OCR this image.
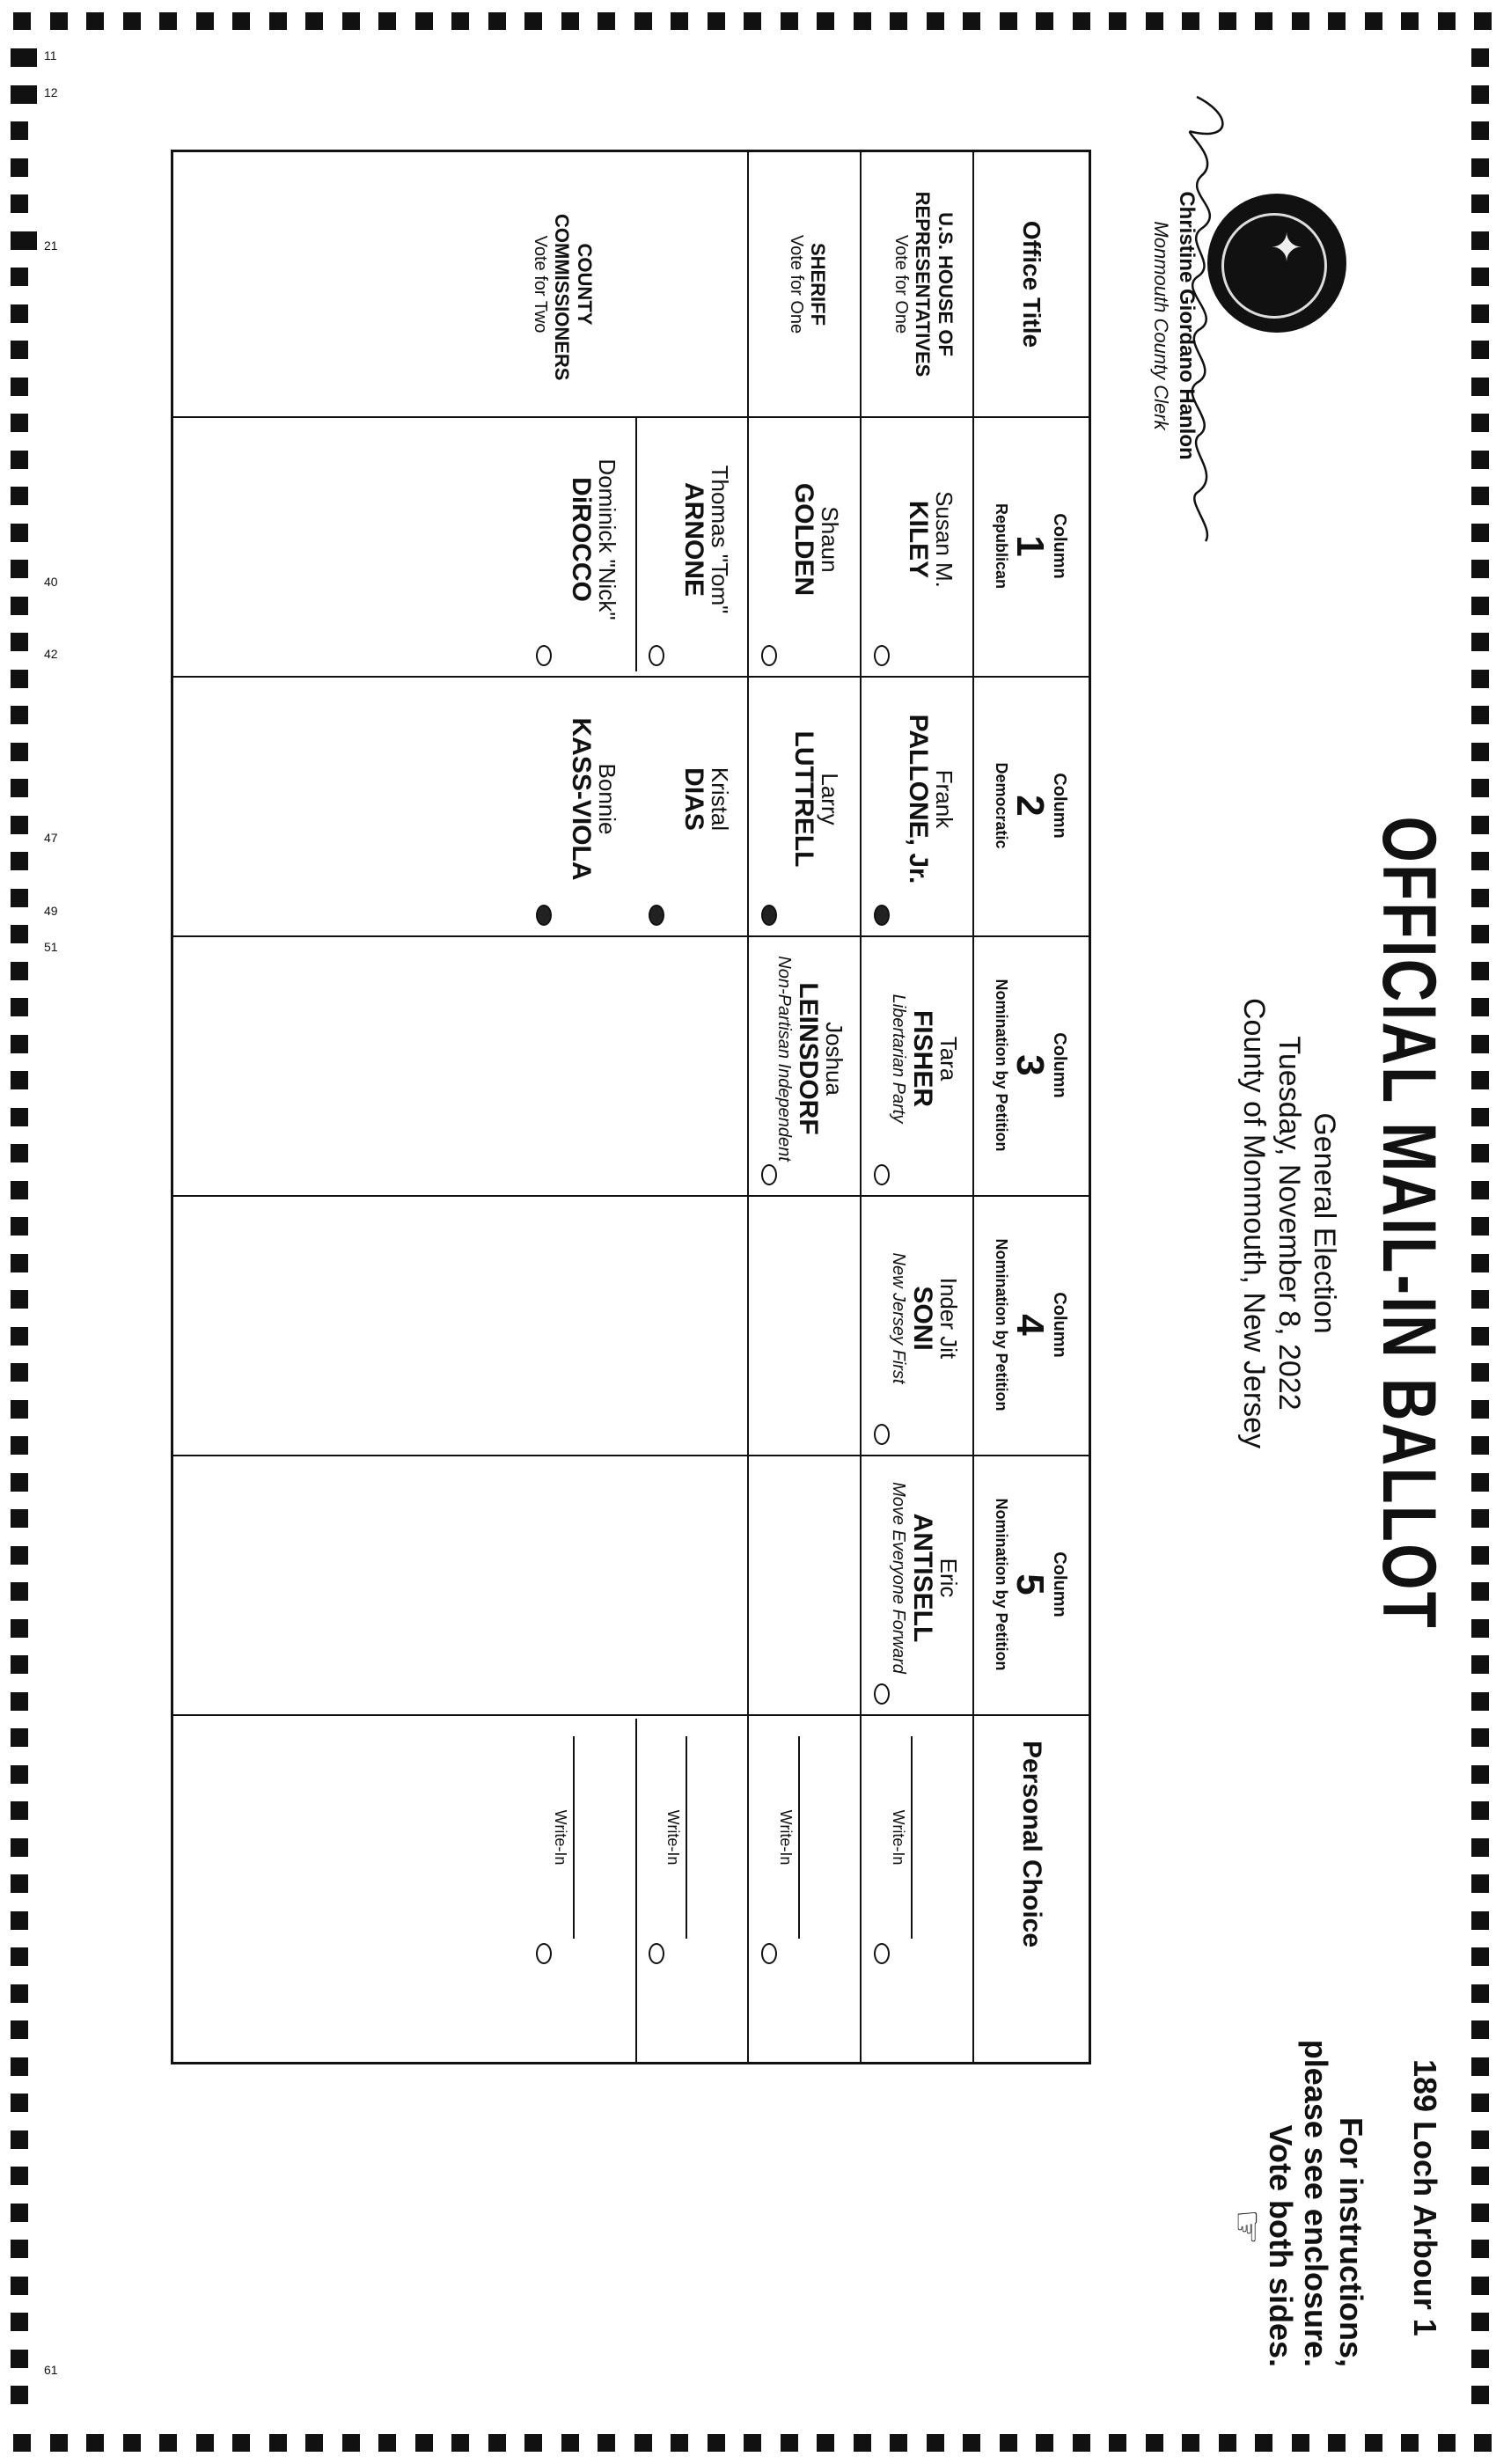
11
12
21
40
42
47
49
51
61
OFFICIAL MAIL-IN BALLOT
General Election
Tuesday, November 8, 2022
County of Monmouth, New Jersey
189 Loch Arbour 1
For instructions,
please see enclosure.
Vote both sides.
☞
✦
Christine Giordano Hanlon
Monmouth County Clerk
Office Title
U.S. HOUSE OF REPRESENTATIVES
Vote for One
SHERIFF
Vote for One
COUNTY COMMISSIONERS
Vote for Two
Column
1
Republican
Column
2
Democratic
Column
3
Nomination by Petition
Column
4
Nomination by Petition
Column
5
Nomination by Petition
Personal Choice
Susan M.
KILEY
Frank
PALLONE, Jr.
Tara
FISHER
Libertarian Party
Inder Jit
SONI
New Jersey First
Eric
ANTISELL
Move Everyone Forward
Write-In
Shaun
GOLDEN
Larry
LUTTRELL
Joshua
LEINSDORF
Non-Partisan Independent
Write-In
Thomas "Tom"
ARNONE
Kristal
DIAS
Write-In
Dominick "Nick"
DiROCCO
Bonnie
KASS-VIOLA
Write-In
